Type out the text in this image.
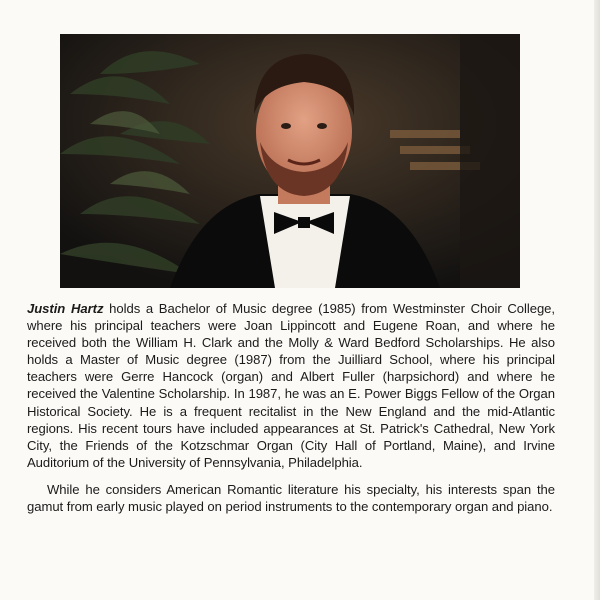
Justin Hartz holds a Bachelor of Music degree (1985) from Westminster Choir College, where his principal teachers were Joan Lippincott and Eugene Roan, and where he received both the William H. Clark and the Molly & Ward Bedford Scholarships. He also holds a Master of Music degree (1987) from the Juilliard School, where his principal teachers were Gerre Hancock (organ) and Albert Fuller (harpsichord) and where he received the Valentine Scholarship. In 1987, he was an E. Power Biggs Fellow of the Organ Historical Society. He is a frequent recitalist in the New England and the mid-Atlantic regions. His recent tours have included appearances at St. Patrick's Cathedral, New York City, the Friends of the Kotzschmar Organ (City Hall of Portland, Maine), and Irvine Auditorium of the University of Pennsylvania, Philadelphia.

While he considers American Romantic literature his specialty, his interests span the gamut from early music played on period instruments to the contemporary organ and piano.
